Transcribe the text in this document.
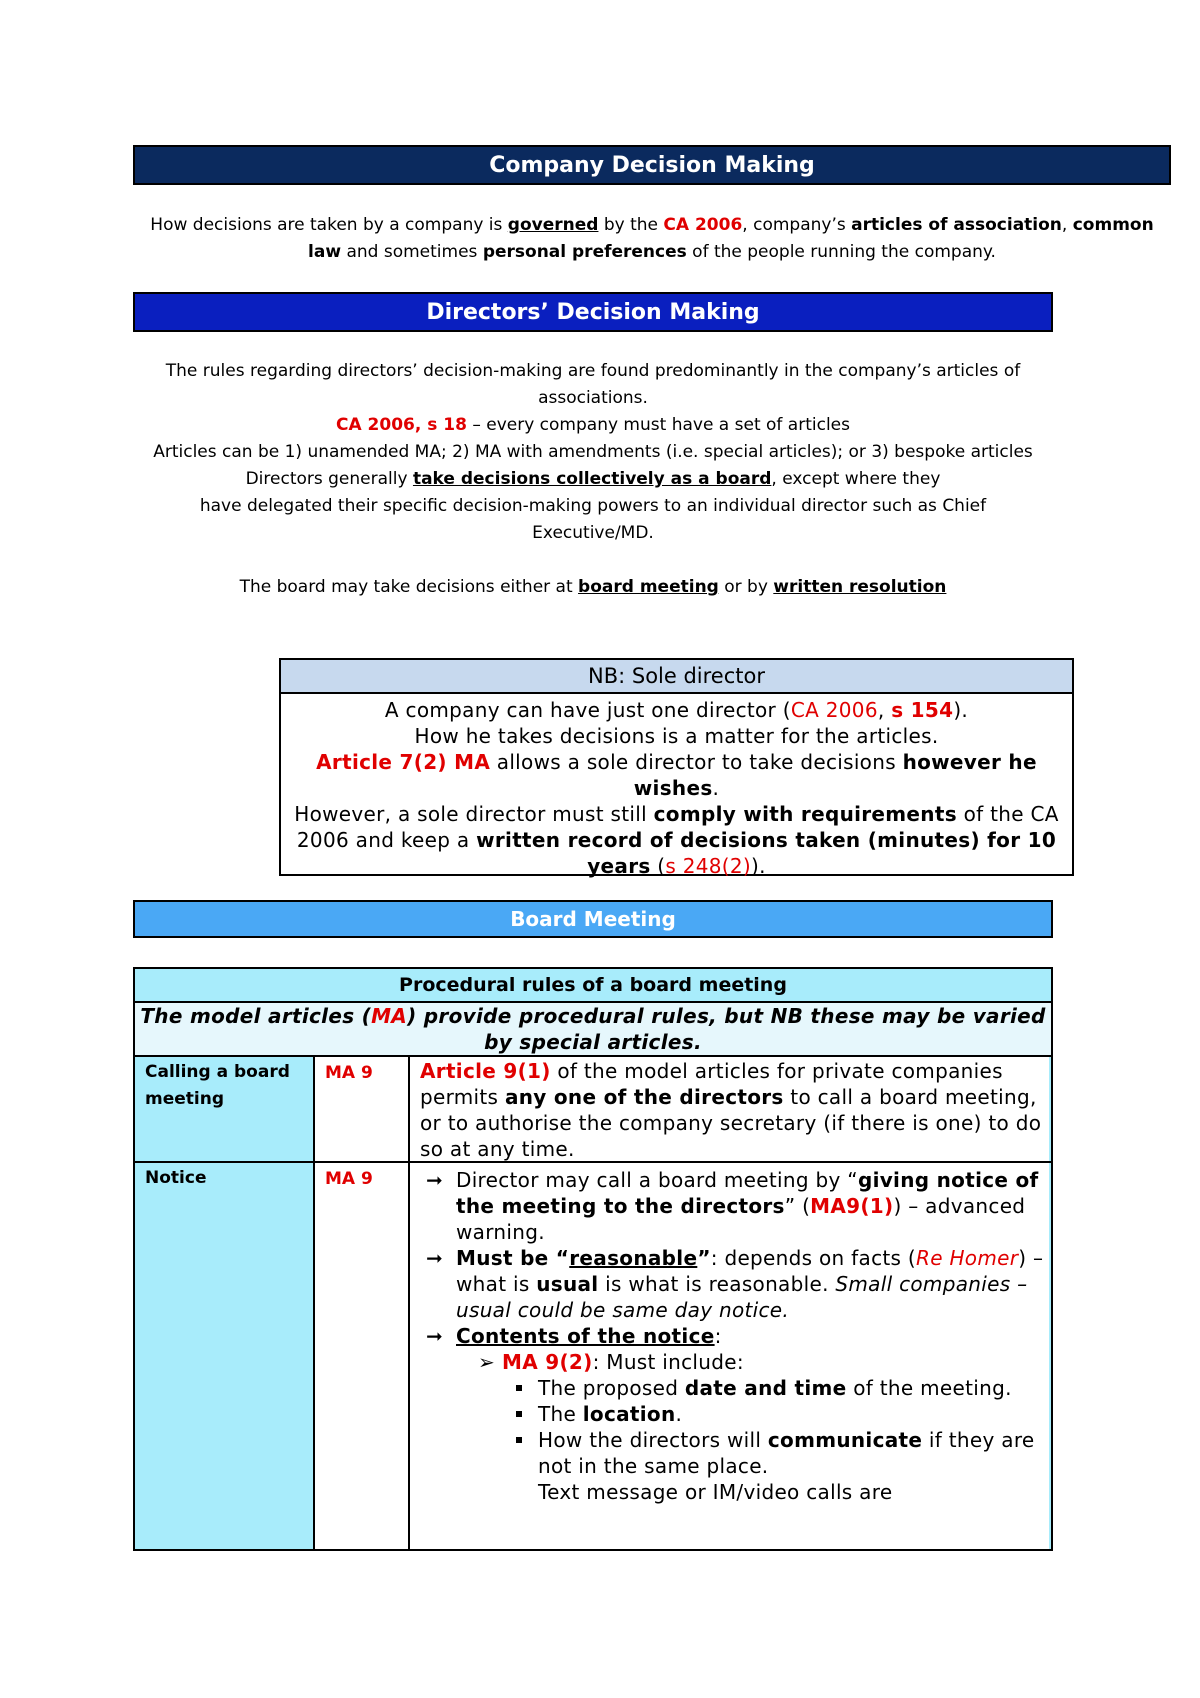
Company Decision Making
How decisions are taken by a company is governed by the CA 2006, company’s articles of association, common law and sometimes personal preferences of the people running the company.
Directors’ Decision Making
The rules regarding directors’ decision-making are found predominantly in the company’s articles of associations.
CA 2006, s 18 – every company must have a set of articles
Articles can be 1) unamended MA; 2) MA with amendments (i.e. special articles); or 3) bespoke articles
Directors generally take decisions collectively as a board, except where they
have delegated their specific decision-making powers to an individual director such as Chief Executive/MD.
The board may take decisions either at board meeting or by written resolution
NB: Sole director
A company can have just one director (CA 2006, s 154).
How he takes decisions is a matter for the articles.
Article 7(2) MA allows a sole director to take decisions however he wishes.
However, a sole director must still comply with requirements of the CA 2006 and keep a written record of decisions taken (minutes) for 10 years (s 248(2)).
Board Meeting
Procedural rules of a board meeting
The model articles (MA) provide procedural rules, but NB these may be varied by special articles.
Calling a board meeting
MA 9	Article 9(1) of the model articles for private companies permits any one of the directors to call a board meeting, or to authorise the company secretary (if there is one) to do so at any time.
Notice	MA 9	➞ Director may call a board meeting by “giving notice of the meeting to the directors” (MA9(1)) – advanced warning.
➞ Must be “reasonable”: depends on facts (Re Homer) – what is usual is what is reasonable. Small companies – usual could be same day notice.
➞ Contents of the notice:
➢ MA 9(2): Must include:
The proposed date and time of the meeting.
The location.
How the directors will communicate if they are not in the same place.
Text message or IM/video calls are
